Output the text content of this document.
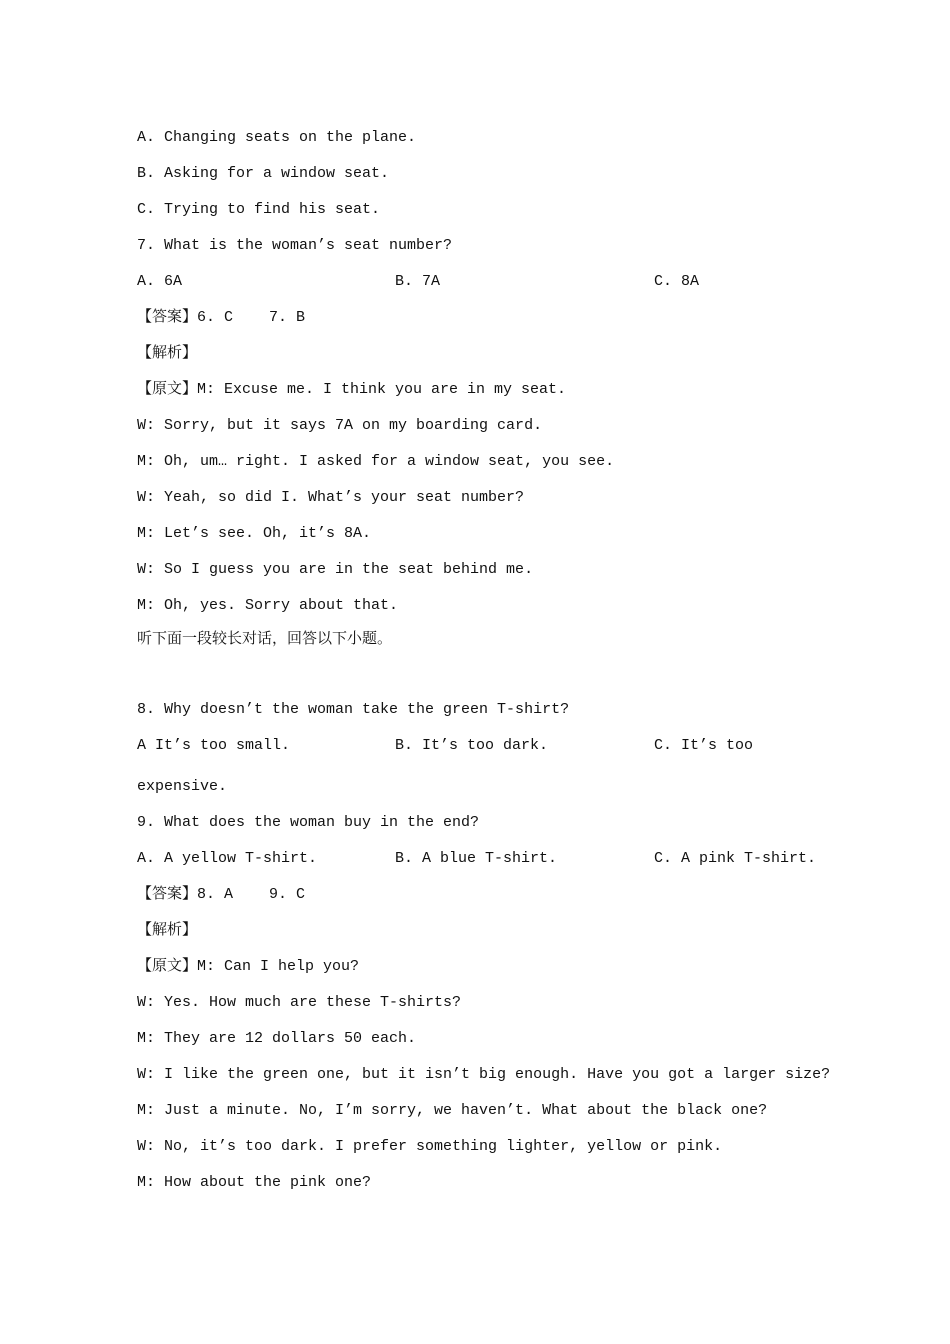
A. Changing seats on the plane.
B. Asking for a window seat.
C. Trying to find his seat.
7. What is the woman’s seat number?
A. 6A	B. 7A	C. 8A
【答案】6. C    7. B
【解析】
【原文】M: Excuse me. I think you are in my seat.
W: Sorry, but it says 7A on my boarding card.
M: Oh, um… right. I asked for a window seat, you see.
W: Yeah, so did I. What’s your seat number?
M: Let’s see. Oh, it’s 8A.
W: So I guess you are in the seat behind me.
M: Oh, yes. Sorry about that.
听下面一段较长对话，回答以下小题。
8. Why doesn’t the woman take the green T-shirt?
A It’s too small.	B. It’s too dark.	C. It’s too
expensive.
9. What does the woman buy in the end?
A. A yellow T-shirt.	B. A blue T-shirt.	C. A pink T-shirt.
【答案】8. A    9. C
【解析】
【原文】M: Can I help you?
W: Yes. How much are these T-shirts?
M: They are 12 dollars 50 each.
W: I like the green one, but it isn’t big enough. Have you got a larger size?
M: Just a minute. No, I’m sorry, we haven’t. What about the black one?
W: No, it’s too dark. I prefer something lighter, yellow or pink.
M: How about the pink one?
